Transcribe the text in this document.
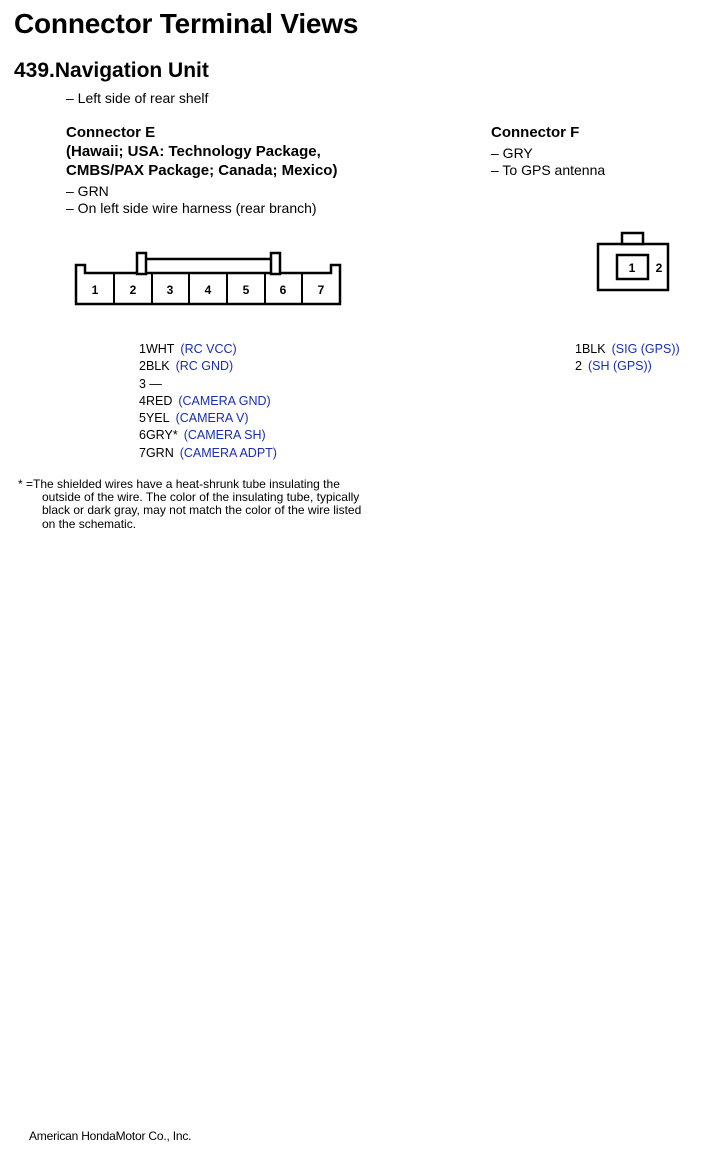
Connector Terminal Views
439.Navigation Unit
– Left side of rear shelf
Connector E
(Hawaii; USA: Technology Package,
CMBS/PAX Package; Canada; Mexico)
– GRN
– On left side wire harness (rear branch)
Connector F
– GRY
– To GPS antenna
1	2	3	4	5	6	7
1 2
1WHT (RC VCC)
2BLK (RC GND)
3 —
4RED (CAMERA GND)
5YEL (CAMERA V)
6GRY* (CAMERA SH)
7GRN (CAMERA ADPT)
1BLK (SIG (GPS))
2 (SH (GPS))
* =The shielded wires have a heat-shrunk tube insulating the
outside of the wire. The color of the insulating tube, typically
black or dark gray, may not match the color of the wire listed
on the schematic.
American HondaMotor Co., Inc.
